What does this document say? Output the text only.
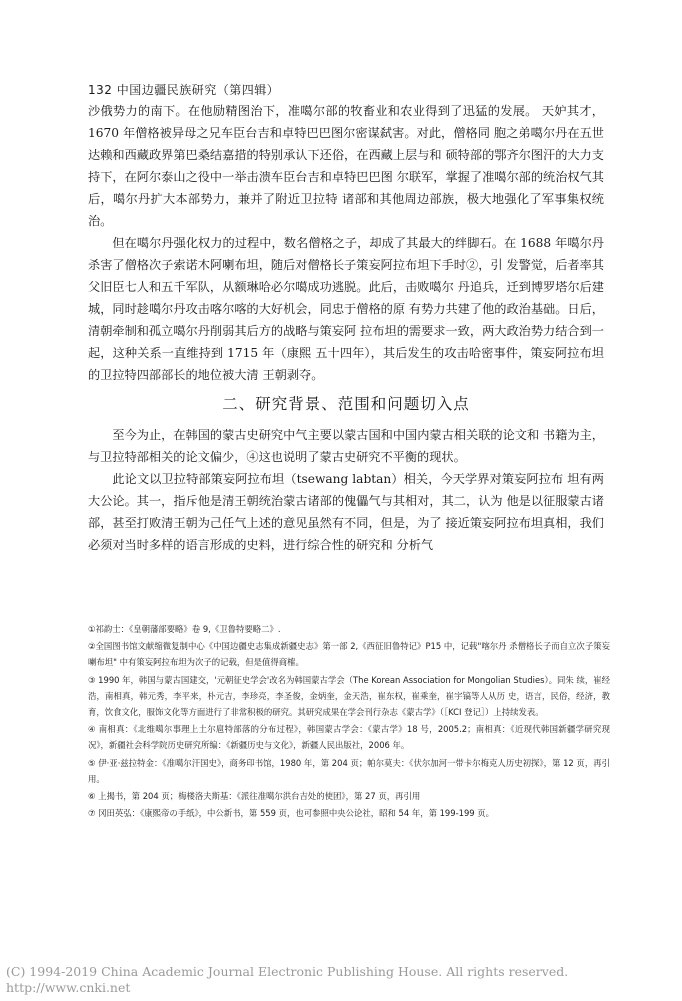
132 中国边疆民族研究（第四辑）

沙俄势力的南下。在他励精图治下，准噶尔部的牧畜业和农业得到了迅猛的发展。 天妒其才，1670 年僧格被异母之兄车臣台吉和卓特巴巴图尔密谋弑害。对此，僧格同 胞之弟噶尔丹在五世达赖和西藏政界第巴桑结嘉措的特别承认下还俗，在西藏上层与和 硕特部的鄂齐尔图汗的大力支持下，在阿尔泰山之役中一举击溃车臣台吉和卓特巴巴图 尔联军，掌握了准噶尔部的统治权气其后，噶尔丹扩大本部势力，兼并了附近卫拉特 诸部和其他周边部族，极大地强化了军事集权统治。

但在噶尔丹强化权力的过程中，数名僧格之子，却成了其最大的绊脚石。在 1688 年噶尔丹杀害了僧格次子索诺木阿喇布坦，随后对僧格长子策妄阿拉布坦下手时②，引 发警觉，后者率其父旧臣七人和五千军队，从额琳哈必尔噶成功逃脱。此后，击败噶尔 丹追兵，迁到博罗塔尔后建城，同时趁噶尔丹攻击喀尔喀的大好机会，同忠于僧格的原 有势力共建了他的政治基础。日后，清朝牵制和孤立噶尔丹削弱其后方的战略与策妄阿 拉布坦的需要求一致，两大政治势力结合到一起，这种关系一直维持到 1715 年（康熙 五十四年），其后发生的攻击哈密事件，策妄阿拉布坦的卫拉特四部部长的地位被大清 王朝剥夺。

二、研究背景、范围和问题切入点

至今为止，在韩国的蒙古史研究中气主要以蒙古国和中国内蒙古相关联的论文和 书籍为主，与卫拉特部相关的论文偏少，④这也说明了蒙古史研究不平衡的现状。

此论文以卫拉特部策妄阿拉布坦（tsewang labtan）相关，今天学界对策妄阿拉布 坦有两大公论。其一，指斥他是清王朝统治蒙古诸部的傀儡气与其相对，其二，认为 他是以征服蒙古诸部，甚至打败清王朝为己任气上述的意见虽然有不同，但是，为了 接近策妄阿拉布坦真相，我们必须对当时多样的语言形成的史料，进行综合性的研究和 分析气

①祁韵士：《皇朝藩部要略》卷 9,《卫鲁特要略二》.

②全国图书馆文献缩微复制中心《中国边疆史志集成新疆史志》第一部 2,《西征旧鲁特记》P15 中，记载"喀尔丹 杀僧格长子而自立次子策妄喇布坦" 中有策妄阿拉布坦为次子的记载，但是值得商榷。

③ 1990 年，韩国与蒙古国建交，'元朝征史学会'改名为韩国蒙古学会（The Korean Association for Mongolian Studies）。同朱 续，崔经浩，南相真，韩元秀，李平来，朴元吉，李珍亮，李圣俊，金炳奎，金天浩，崔东权，崔乘奎，崔宇镐等人从历 史，语言，民俗，经济，教育，饮食文化，服饰文化等方面进行了非常积极的研究。其研究成果在学会刊行杂志《蒙古学》（［KCI 登记］）上持续发表。

④ 南相真：《北维噶尔事理上土尔扈特部落的分布过程》，韩国蒙古学会：《蒙古学》18 号，2005.2；南相真：《近现代韩国新疆学研究现况》，新疆社会科学院历史研究所编：《新疆历史与文化》，新疆人民出版社，2006 年。

⑤ 伊·亚·兹拉特金：《准噶尔汗国史》，商务印书馆，1980 年，第 204 页；帕尔莫夫：《伏尔加河一带卡尔梅克人历史初探》，第 12 页，再引用。

⑥ 上揭书，第 204 页；梅楼洛夫斯基：《派往准噶尔洪台吉处的使团》，第 27 页，再引用

⑦ 冈田英弘：《康熙帝の手纸》，中公新书，第 559 页，也可参照中央公论社，昭和 54 年，第 199-199 页。

(C) 1994-2019 China Academic Journal Electronic Publishing House. All rights reserved.
http://www.cnki.net
